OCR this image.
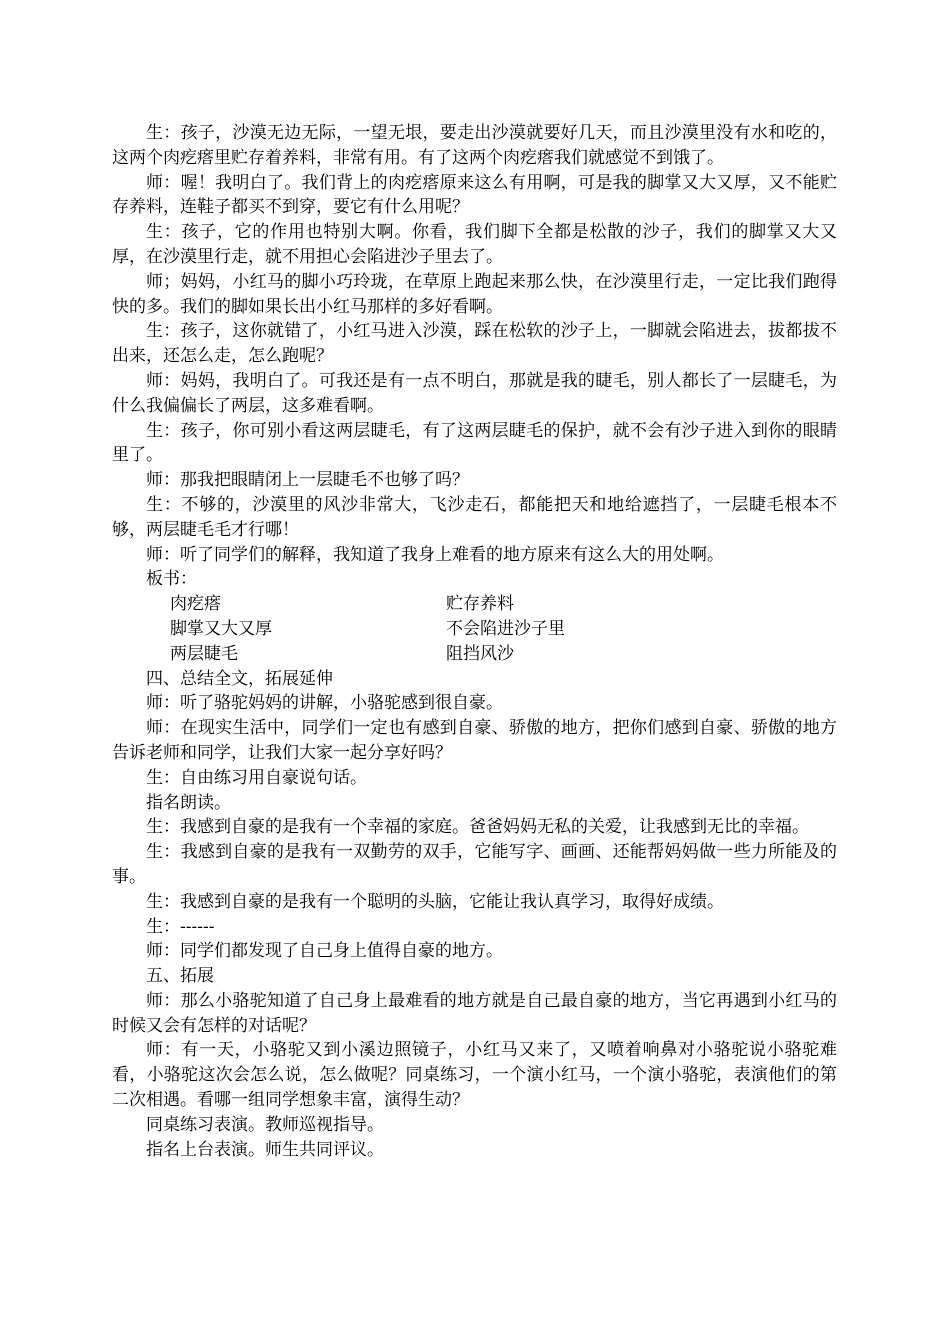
生：孩子，沙漠无边无际，一望无垠，要走出沙漠就要好几天，而且沙漠里没有水和吃的，这两个肉疙瘩里贮存着养料，非常有用。有了这两个肉疙瘩我们就感觉不到饿了。

师：喔！我明白了。我们背上的肉疙瘩原来这么有用啊，可是我的脚掌又大又厚，又不能贮存养料，连鞋子都买不到穿，要它有什么用呢？

生：孩子，它的作用也特别大啊。你看，我们脚下全都是松散的沙子，我们的脚掌又大又厚，在沙漠里行走，就不用担心会陷进沙子里去了。

师；妈妈，小红马的脚小巧玲珑，在草原上跑起来那么快，在沙漠里行走，一定比我们跑得快的多。我们的脚如果长出小红马那样的多好看啊。

生：孩子，这你就错了，小红马进入沙漠，踩在松软的沙子上，一脚就会陷进去，拔都拔不出来，还怎么走，怎么跑呢？

师：妈妈，我明白了。可我还是有一点不明白，那就是我的睫毛，别人都长了一层睫毛，为什么我偏偏长了两层，这多难看啊。

生：孩子，你可别小看这两层睫毛，有了这两层睫毛的保护，就不会有沙子进入到你的眼睛里了。

师：那我把眼睛闭上一层睫毛不也够了吗？

生：不够的，沙漠里的风沙非常大，飞沙走石，都能把天和地给遮挡了，一层睫毛根本不够，两层睫毛毛才行哪！

师：听了同学们的解释，我知道了我身上难看的地方原来有这么大的用处啊。

板书：

肉疙瘩	贮存养料
脚掌又大又厚	不会陷进沙子里
两层睫毛	阻挡风沙

四、总结全文，拓展延伸

师：听了骆驼妈妈的讲解，小骆驼感到很自豪。

师：在现实生活中，同学们一定也有感到自豪、骄傲的地方，把你们感到自豪、骄傲的地方告诉老师和同学，让我们大家一起分享好吗？

生：自由练习用自豪说句话。

指名朗读。

生：我感到自豪的是我有一个幸福的家庭。爸爸妈妈无私的关爱，让我感到无比的幸福。

生：我感到自豪的是我有一双勤劳的双手，它能写字、画画、还能帮妈妈做一些力所能及的事。

生：我感到自豪的是我有一个聪明的头脑，它能让我认真学习，取得好成绩。

生：------

师：同学们都发现了自己身上值得自豪的地方。

五、拓展

师：那么小骆驼知道了自己身上最难看的地方就是自己最自豪的地方，当它再遇到小红马的时候又会有怎样的对话呢？

师：有一天，小骆驼又到小溪边照镜子，小红马又来了，又喷着响鼻对小骆驼说小骆驼难看，小骆驼这次会怎么说，怎么做呢？同桌练习，一个演小红马，一个演小骆驼，表演他们的第二次相遇。看哪一组同学想象丰富，演得生动？

同桌练习表演。教师巡视指导。

指名上台表演。师生共同评议。
